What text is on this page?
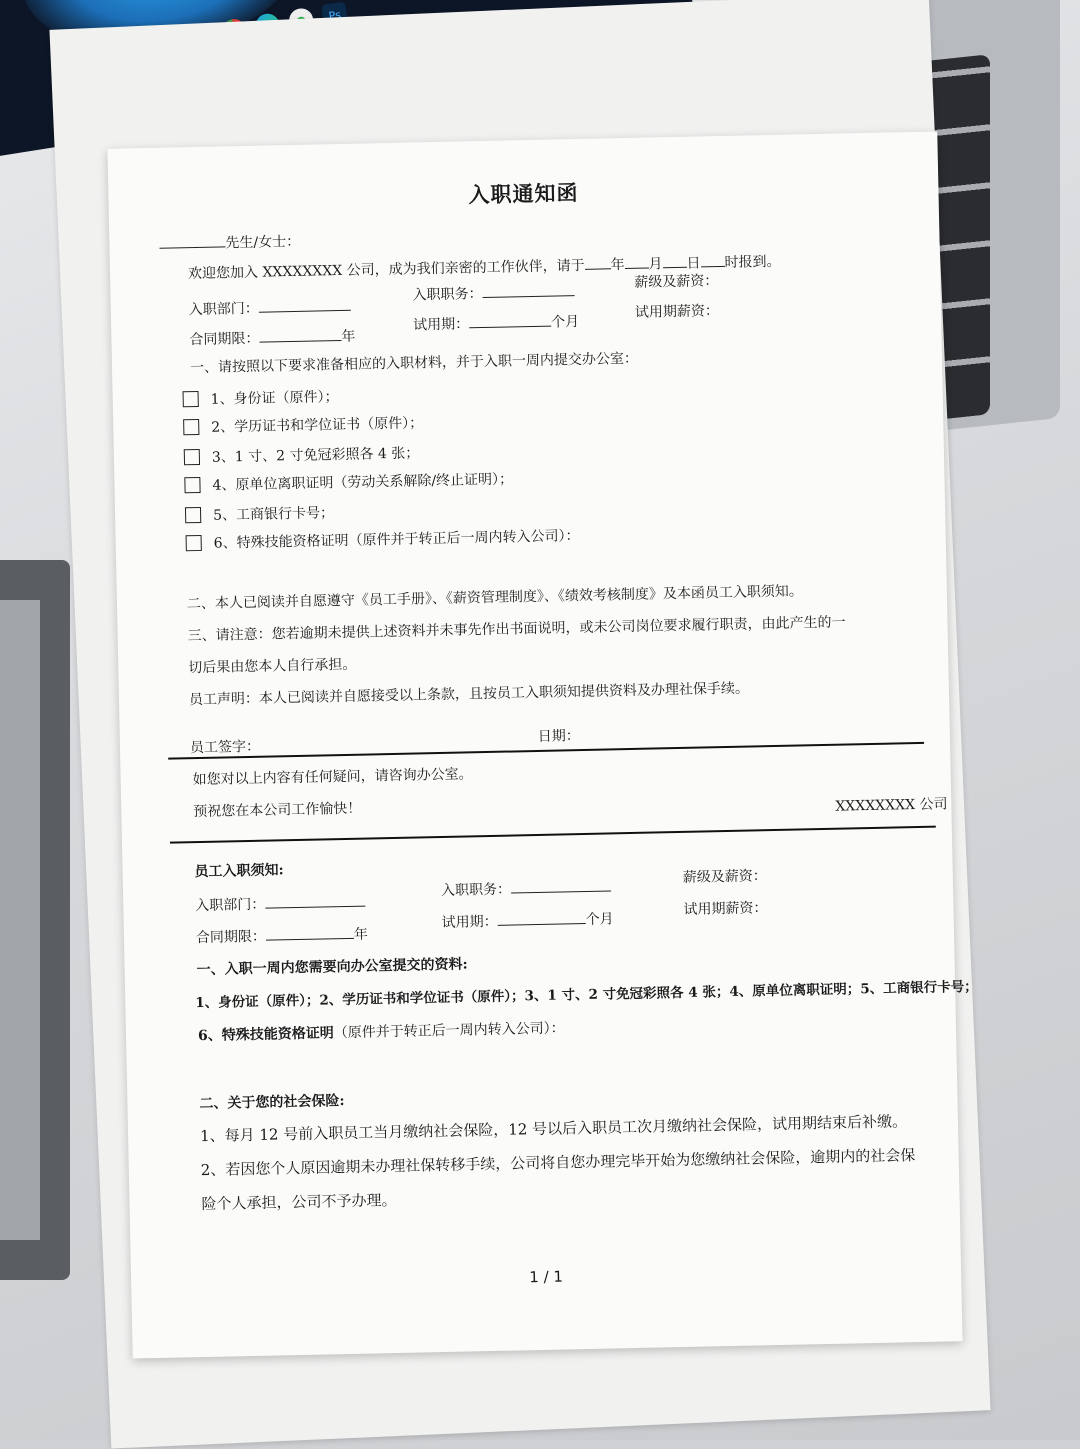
Ps
入职通知函
先生/女士：
欢迎您加入 XXXXXXXX 公司，成为我们亲密的工作伙伴，请于 年 月 日 时报到。
入职部门：
入职职务：
薪级及薪资：
合同期限：	年
试用期：	个月
试用期薪资：
一、请按照以下要求准备相应的入职材料，并于入职一周内提交办公室：
1、身份证（原件）；
2、学历证书和学位证书（原件）；
3、1 寸、2 寸免冠彩照各 4 张；
4、原单位离职证明（劳动关系解除/终止证明）；
5、工商银行卡号；
6、特殊技能资格证明（原件并于转正后一周内转入公司）：
二、本人已阅读并自愿遵守《员工手册》、《薪资管理制度》、《绩效考核制度》及本函员工入职须知。
三、请注意：您若逾期未提供上述资料并未事先作出书面说明，或未公司岗位要求履行职责，由此产生的一
切后果由您本人自行承担。
员工声明：本人已阅读并自愿接受以上条款，且按员工入职须知提供资料及办理社保手续。
员工签字：
日期：
如您对以上内容有任何疑问，请咨询办公室。
预祝您在本公司工作愉快！	XXXXXXXX 公司
员工入职须知:
入职部门：
入职职务：
薪级及薪资：
合同期限：	年
试用期：	个月
试用期薪资：
一、入职一周内您需要向办公室提交的资料:
1、身份证（原件）；2、学历证书和学位证书（原件）；3、1 寸、2 寸免冠彩照各 4 张；4、原单位离职证明；5、工商银行卡号；
6、特殊技能资格证明（原件并于转正后一周内转入公司）：
二、关于您的社会保险:
1、每月 12 号前入职员工当月缴纳社会保险，12 号以后入职员工次月缴纳社会保险，试用期结束后补缴。
2、若因您个人原因逾期未办理社保转移手续，公司将自您办理完毕开始为您缴纳社会保险，逾期内的社会保
险个人承担，公司不予办理。
1 / 1
